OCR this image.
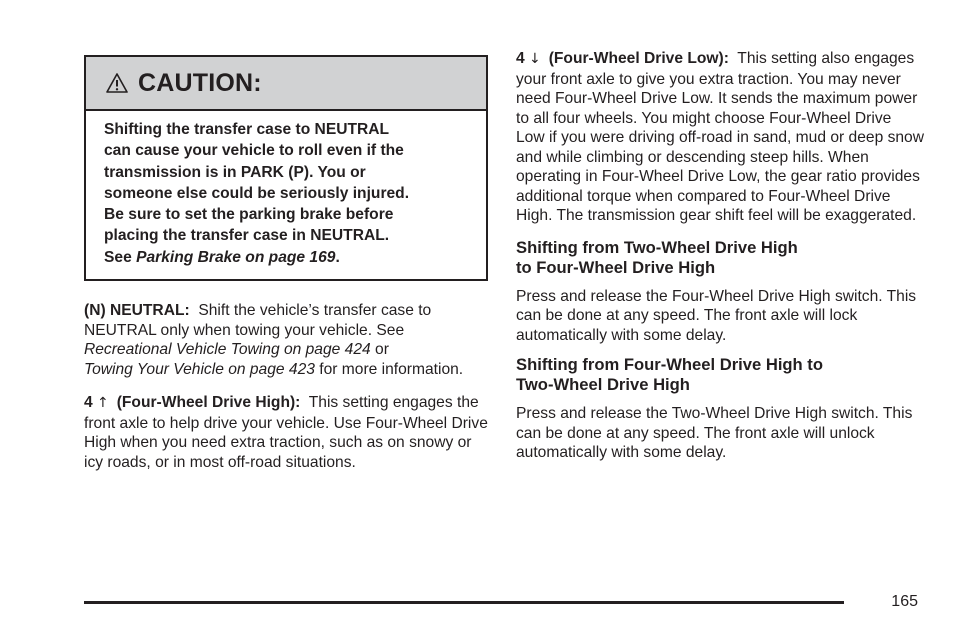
CAUTION:
Shifting the transfer case to NEUTRAL
can cause your vehicle to roll even if the
transmission is in PARK (P). You or
someone else could be seriously injured.
Be sure to set the parking brake before
placing the transfer case in NEUTRAL.
See Parking Brake on page 169.

(N) NEUTRAL: Shift the vehicle’s transfer case to NEUTRAL only when towing your vehicle. See
Recreational Vehicle Towing on page 424 or
Towing Your Vehicle on page 423 for more information.

4 ↑ (Four-Wheel Drive High): This setting engages the front axle to help drive your vehicle. Use Four-Wheel Drive High when you need extra traction, such as on snowy or icy roads, or in most off-road situations.

4 ↓ (Four-Wheel Drive Low): This setting also engages your front axle to give you extra traction. You may never need Four-Wheel Drive Low. It sends the maximum power to all four wheels. You might choose Four-Wheel Drive Low if you were driving off-road in sand, mud or deep snow and while climbing or descending steep hills. When operating in Four-Wheel Drive Low, the gear ratio provides additional torque when compared to Four-Wheel Drive High. The transmission gear shift feel will be exaggerated.

Shifting from Two-Wheel Drive High
to Four-Wheel Drive High

Press and release the Four-Wheel Drive High switch. This can be done at any speed. The front axle will lock automatically with some delay.

Shifting from Four-Wheel Drive High to
Two-Wheel Drive High

Press and release the Two-Wheel Drive High switch. This can be done at any speed. The front axle will unlock automatically with some delay.

165
